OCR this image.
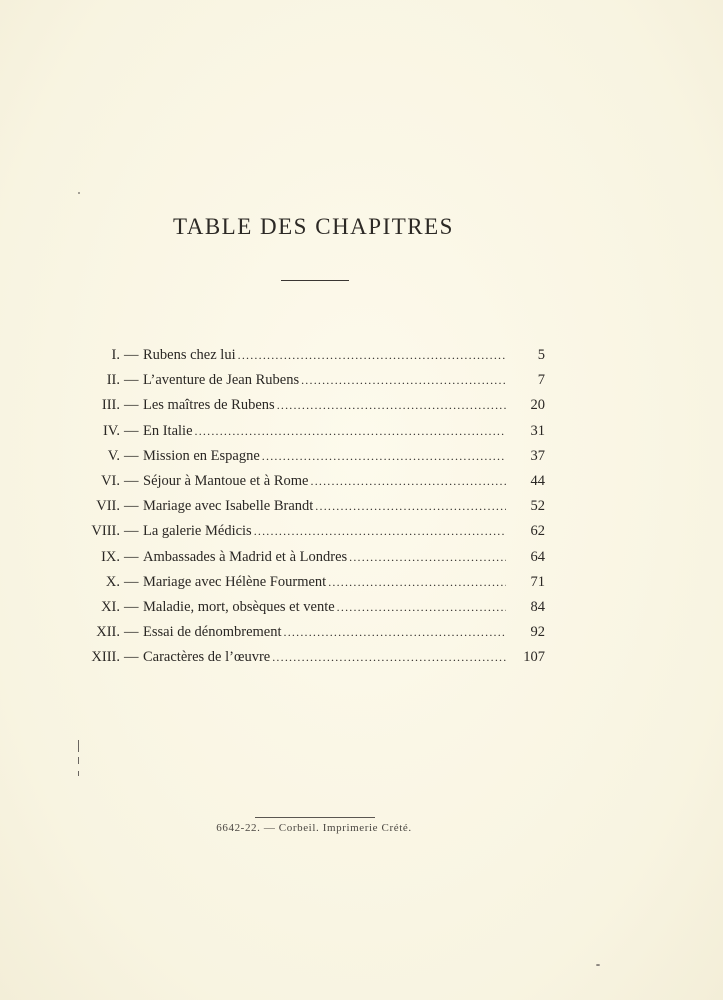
TABLE DES CHAPITRES
I. — Rubens chez lui .....	5
II. — L’aventure de Jean Rubens .....	7
III. — Les maîtres de Rubens .....	20
IV. — En Italie .....	31
V. — Mission en Espagne .....	37
VI. — Séjour à Mantoue et à Rome .....	44
VII. — Mariage avec Isabelle Brandt .....	52
VIII. — La galerie Médicis .....	62
IX. — Ambassades à Madrid et à Londres .....	64
X. — Mariage avec Hélène Fourment .....	71
XI. — Maladie, mort, obsèques et vente .....	84
XII. — Essai de dénombrement .....	92
XIII. — Caractères de l’œuvre .....	107
6642-22. — Corbeil. Imprimerie Crété.
